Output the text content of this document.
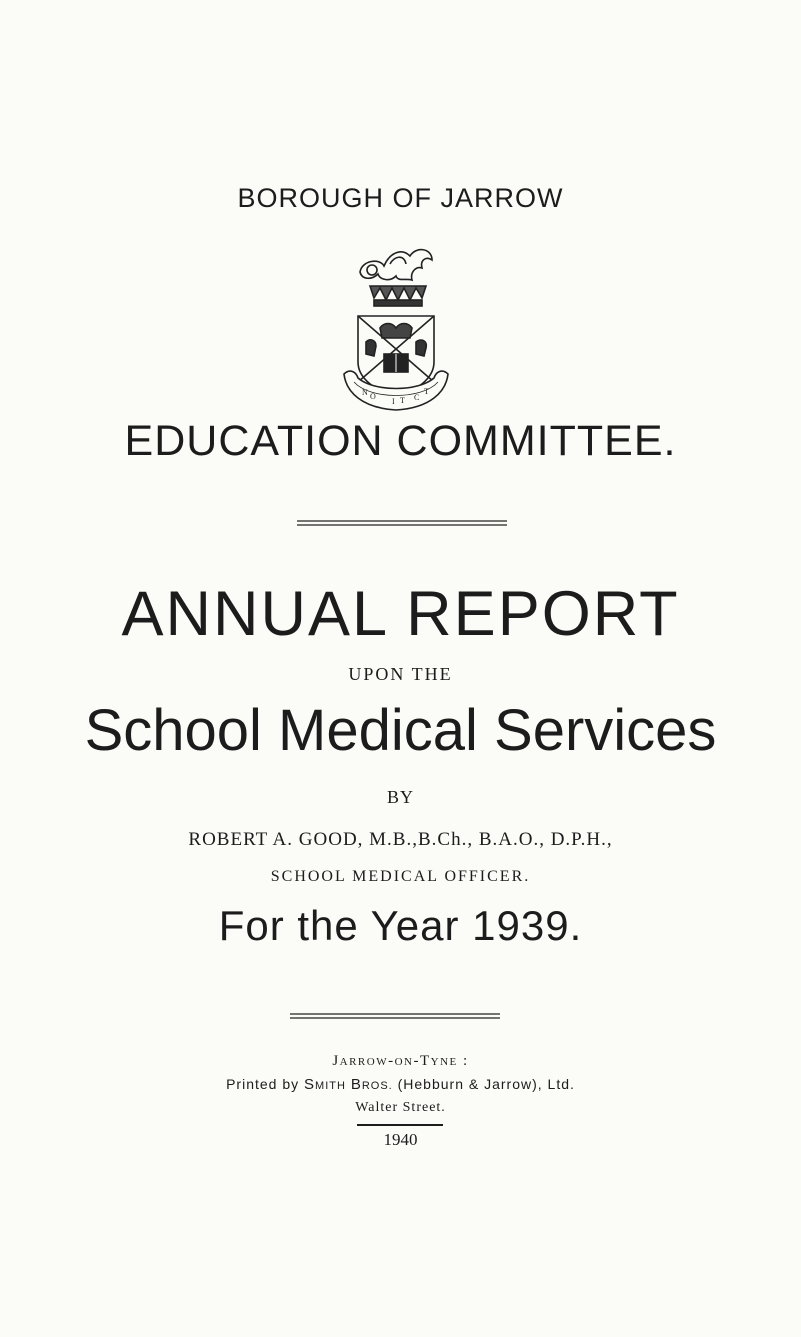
BOROUGH OF JARROW
N O
I T C
T
EDUCATION COMMITTEE.
ANNUAL REPORT
UPON THE
School Medical Services
BY
ROBERT A. GOOD, M.B.,B.Ch., B.A.O., D.P.H.,
SCHOOL MEDICAL OFFICER.
For the Year 1939.
Jarrow-on-Tyne :
Printed by SMITH BROS. (Hebburn & Jarrow), Ltd.
Walter Street.
1940
